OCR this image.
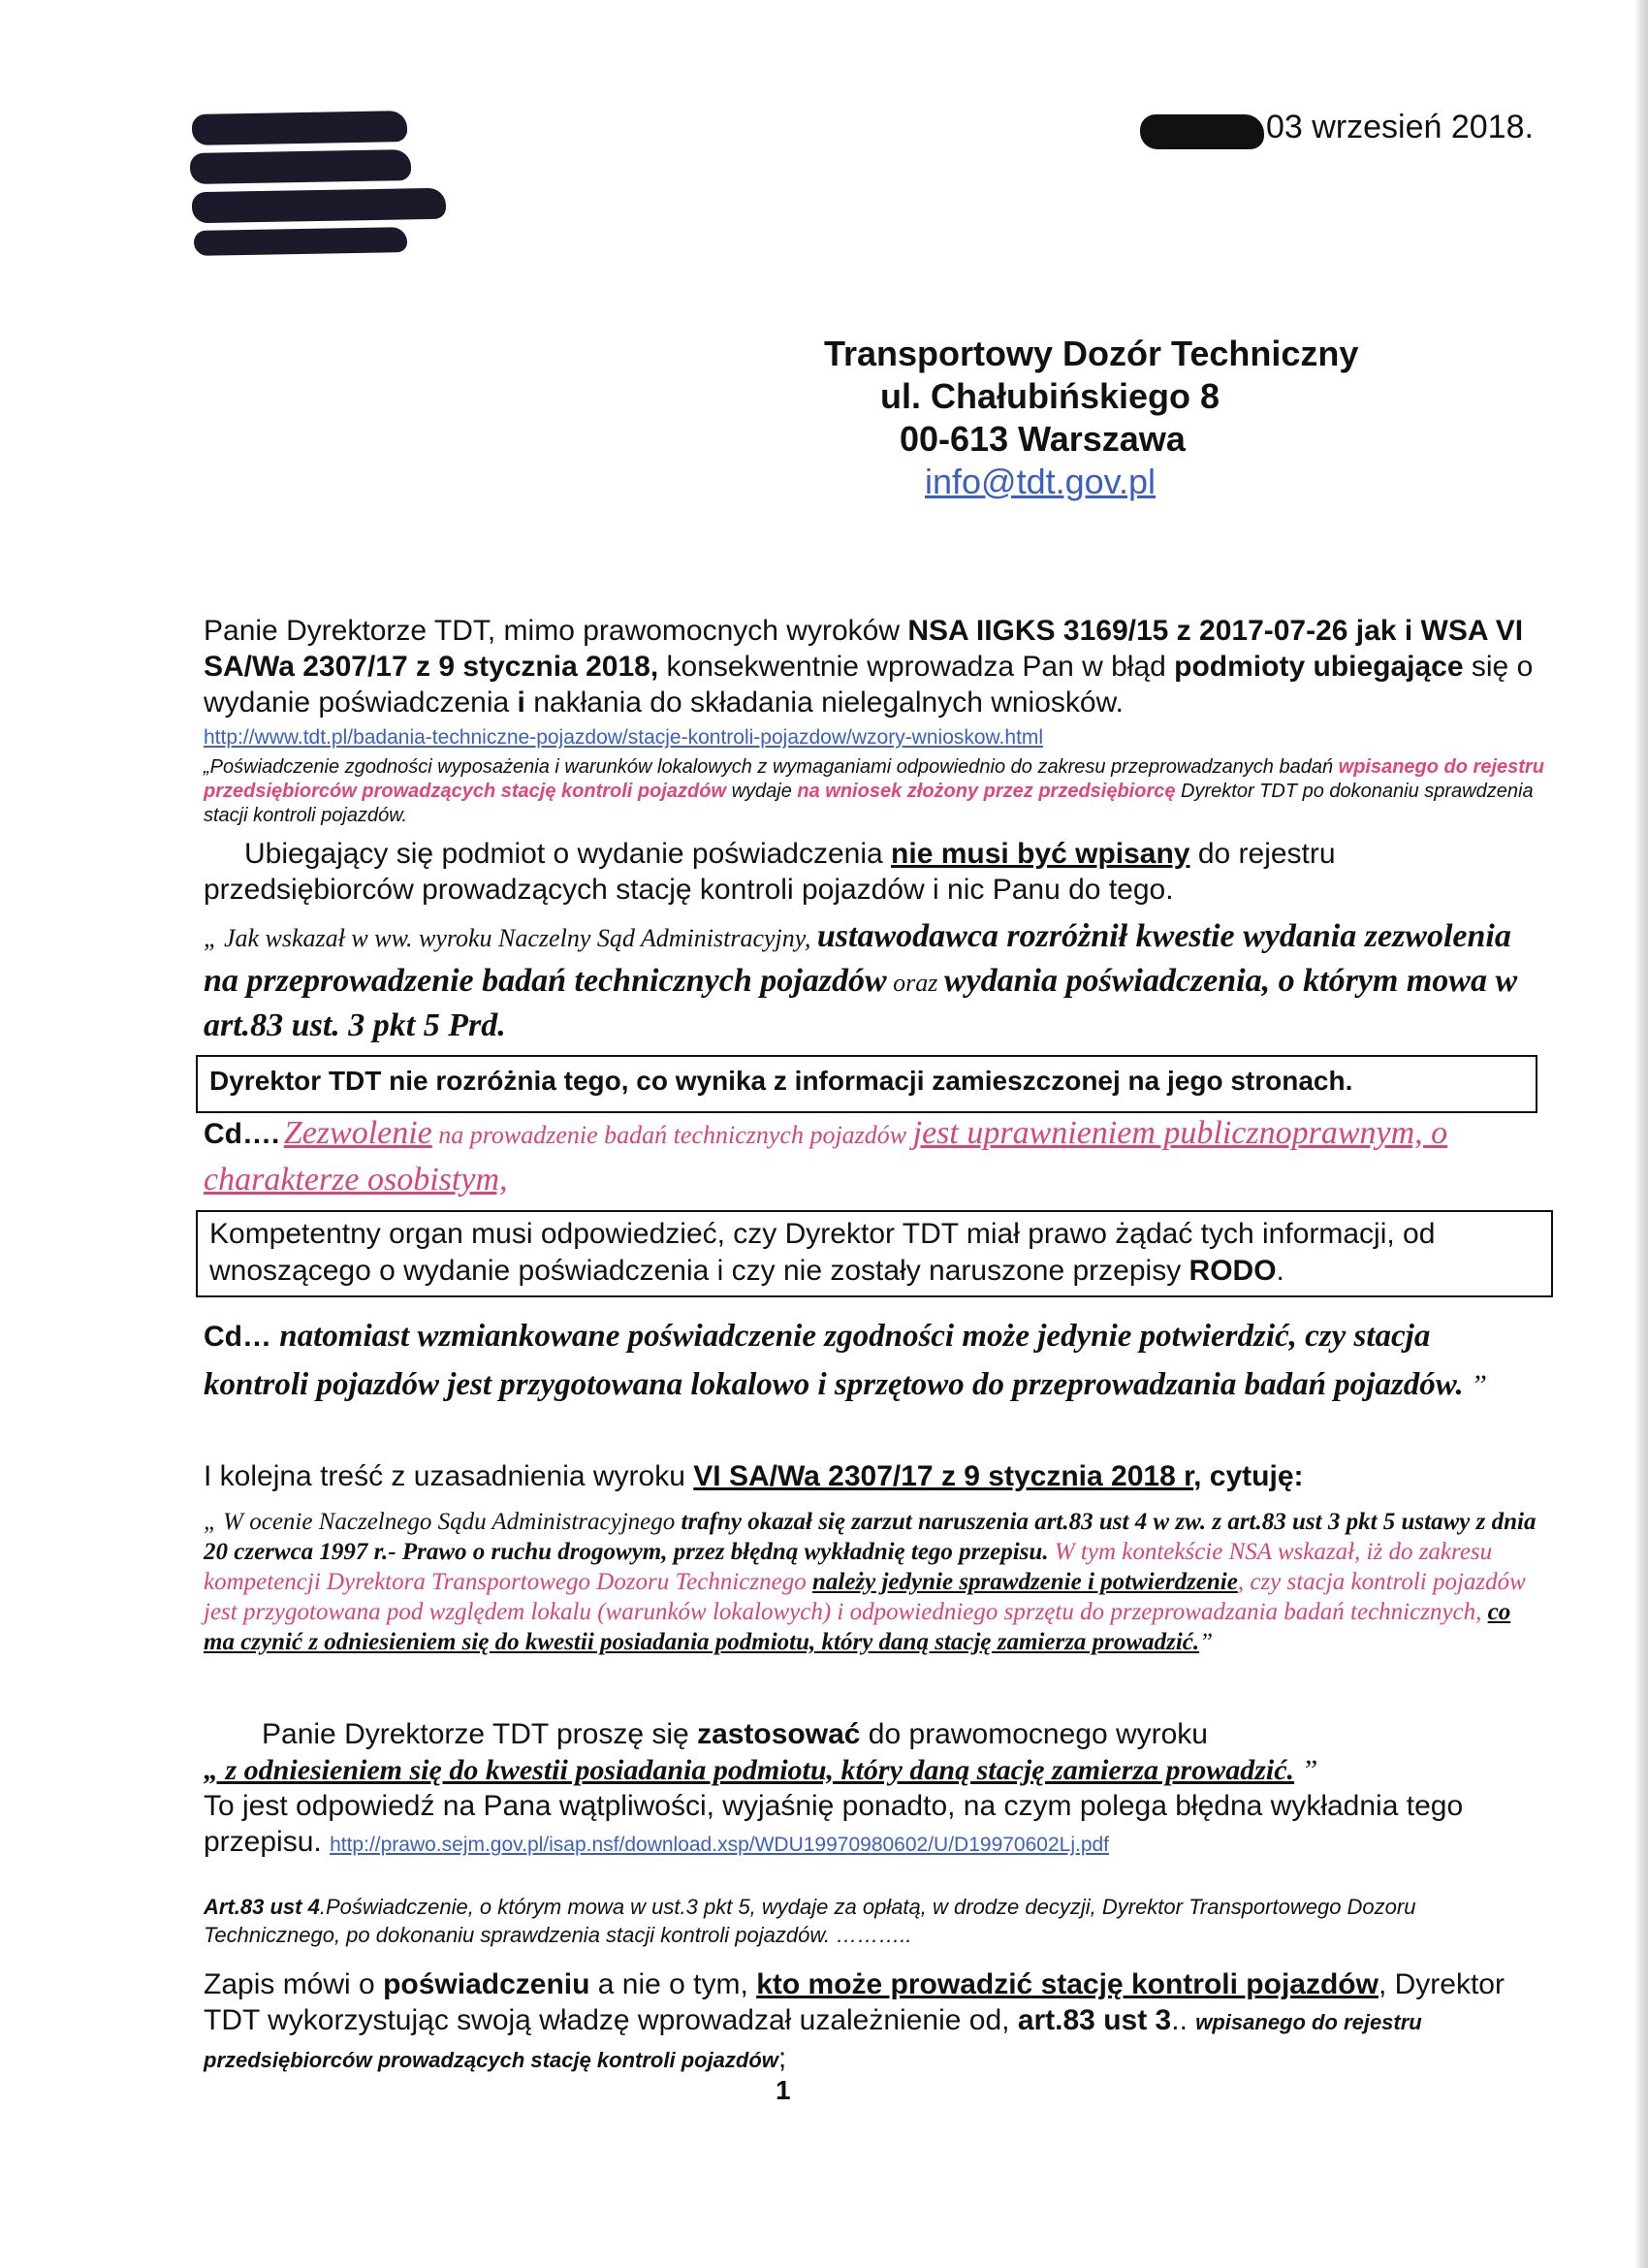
03 wrzesień 2018.
Transportowy Dozór Techniczny
ul. Chałubińskiego 8
00-613 Warszawa
info@tdt.gov.pl
Panie Dyrektorze TDT, mimo prawomocnych wyroków NSA IIGKS 3169/15 z 2017-07-26 jak i WSA VI SA/Wa 2307/17 z 9 stycznia 2018, konsekwentnie wprowadza Pan w błąd podmioty ubiegające się o wydanie poświadczenia i nakłania do składania nielegalnych wniosków.
http://www.tdt.pl/badania-techniczne-pojazdow/stacje-kontroli-pojazdow/wzory-wnioskow.html
„Poświadczenie zgodności wyposażenia i warunków lokalowych z wymaganiami odpowiednio do zakresu przeprowadzanych badań wpisanego do rejestru przedsiębiorców prowadzących stację kontroli pojazdów wydaje na wniosek złożony przez przedsiębiorcę Dyrektor TDT po dokonaniu sprawdzenia stacji kontroli pojazdów.
Ubiegający się podmiot o wydanie poświadczenia nie musi być wpisany do rejestru przedsiębiorców prowadzących stację kontroli pojazdów i nic Panu do tego.
„ Jak wskazał w ww. wyroku Naczelny Sąd Administracyjny, ustawodawca rozróżnił kwestie wydania zezwolenia na przeprowadzenie badań technicznych pojazdów oraz wydania poświadczenia, o którym mowa w art.83 ust. 3 pkt 5 Prd.
Dyrektor TDT nie rozróżnia tego, co wynika z informacji zamieszczonej na jego stronach.
Cd…. Zezwolenie na prowadzenie badań technicznych pojazdów jest uprawnieniem publicznoprawnym, o charakterze osobistym,
Kompetentny organ musi odpowiedzieć, czy Dyrektor TDT miał prawo żądać tych informacji, od wnoszącego o wydanie poświadczenia i czy nie zostały naruszone przepisy RODO.
Cd… natomiast wzmiankowane poświadczenie zgodności może jedynie potwierdzić, czy stacja kontroli pojazdów jest przygotowana lokalowo i sprzętowo do przeprowadzania badań pojazdów. ”
I kolejna treść z uzasadnienia wyroku VI SA/Wa 2307/17 z 9 stycznia 2018 r, cytuję:
„ W ocenie Naczelnego Sądu Administracyjnego trafny okazał się zarzut naruszenia art.83 ust 4 w zw. z art.83 ust 3 pkt 5 ustawy z dnia 20 czerwca 1997 r.- Prawo o ruchu drogowym, przez błędną wykładnię tego przepisu. W tym kontekście NSA wskazał, iż do zakresu kompetencji Dyrektora Transportowego Dozoru Technicznego należy jedynie sprawdzenie i potwierdzenie, czy stacja kontroli pojazdów jest przygotowana pod względem lokalu (warunków lokalowych) i odpowiedniego sprzętu do przeprowadzania badań technicznych, co ma czynić z odniesieniem się do kwestii posiadania podmiotu, który daną stację zamierza prowadzić.”
Panie Dyrektorze TDT proszę się zastosować do prawomocnego wyroku
„ z odniesieniem się do kwestii posiadania podmiotu, który daną stację zamierza prowadzić. ”
To jest odpowiedź na Pana wątpliwości, wyjaśnię ponadto, na czym polega błędna wykładnia tego przepisu. http://prawo.sejm.gov.pl/isap.nsf/download.xsp/WDU19970980602/U/D19970602Lj.pdf
Art.83 ust 4.Poświadczenie, o którym mowa w ust.3 pkt 5, wydaje za opłatą, w drodze decyzji, Dyrektor Transportowego Dozoru Technicznego, po dokonaniu sprawdzenia stacji kontroli pojazdów. ………..
Zapis mówi o poświadczeniu a nie o tym, kto może prowadzić stację kontroli pojazdów, Dyrektor TDT wykorzystując swoją władzę wprowadzał uzależnienie od, art.83 ust 3.. wpisanego do rejestru przedsiębiorców prowadzących stację kontroli pojazdów;
1
